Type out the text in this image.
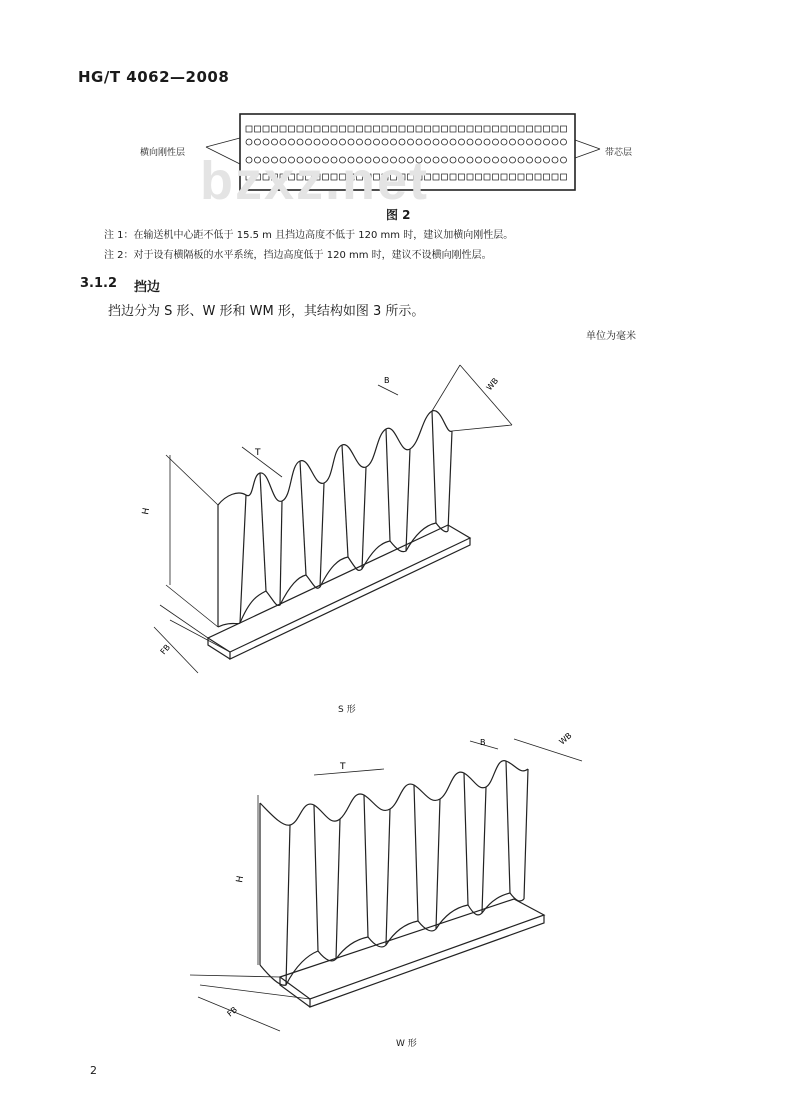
HG/T 4062—2008
横向刚性层	带芯层
bzxz.net
图 2
注 1：在输送机中心距不低于 15.5 m 且挡边高度不低于 120 mm 时，建议加横向刚性层。
注 2：对于设有横隔板的水平系统，挡边高度低于 120 mm 时，建议不设横向刚性层。
3.1.2 挡边
挡边分为 S 形、W 形和 WM 形，其结构如图 3 所示。
单位为毫米
H
FB
T
B	WB
S 形
H
FB
T
B	WB
W 形
2
